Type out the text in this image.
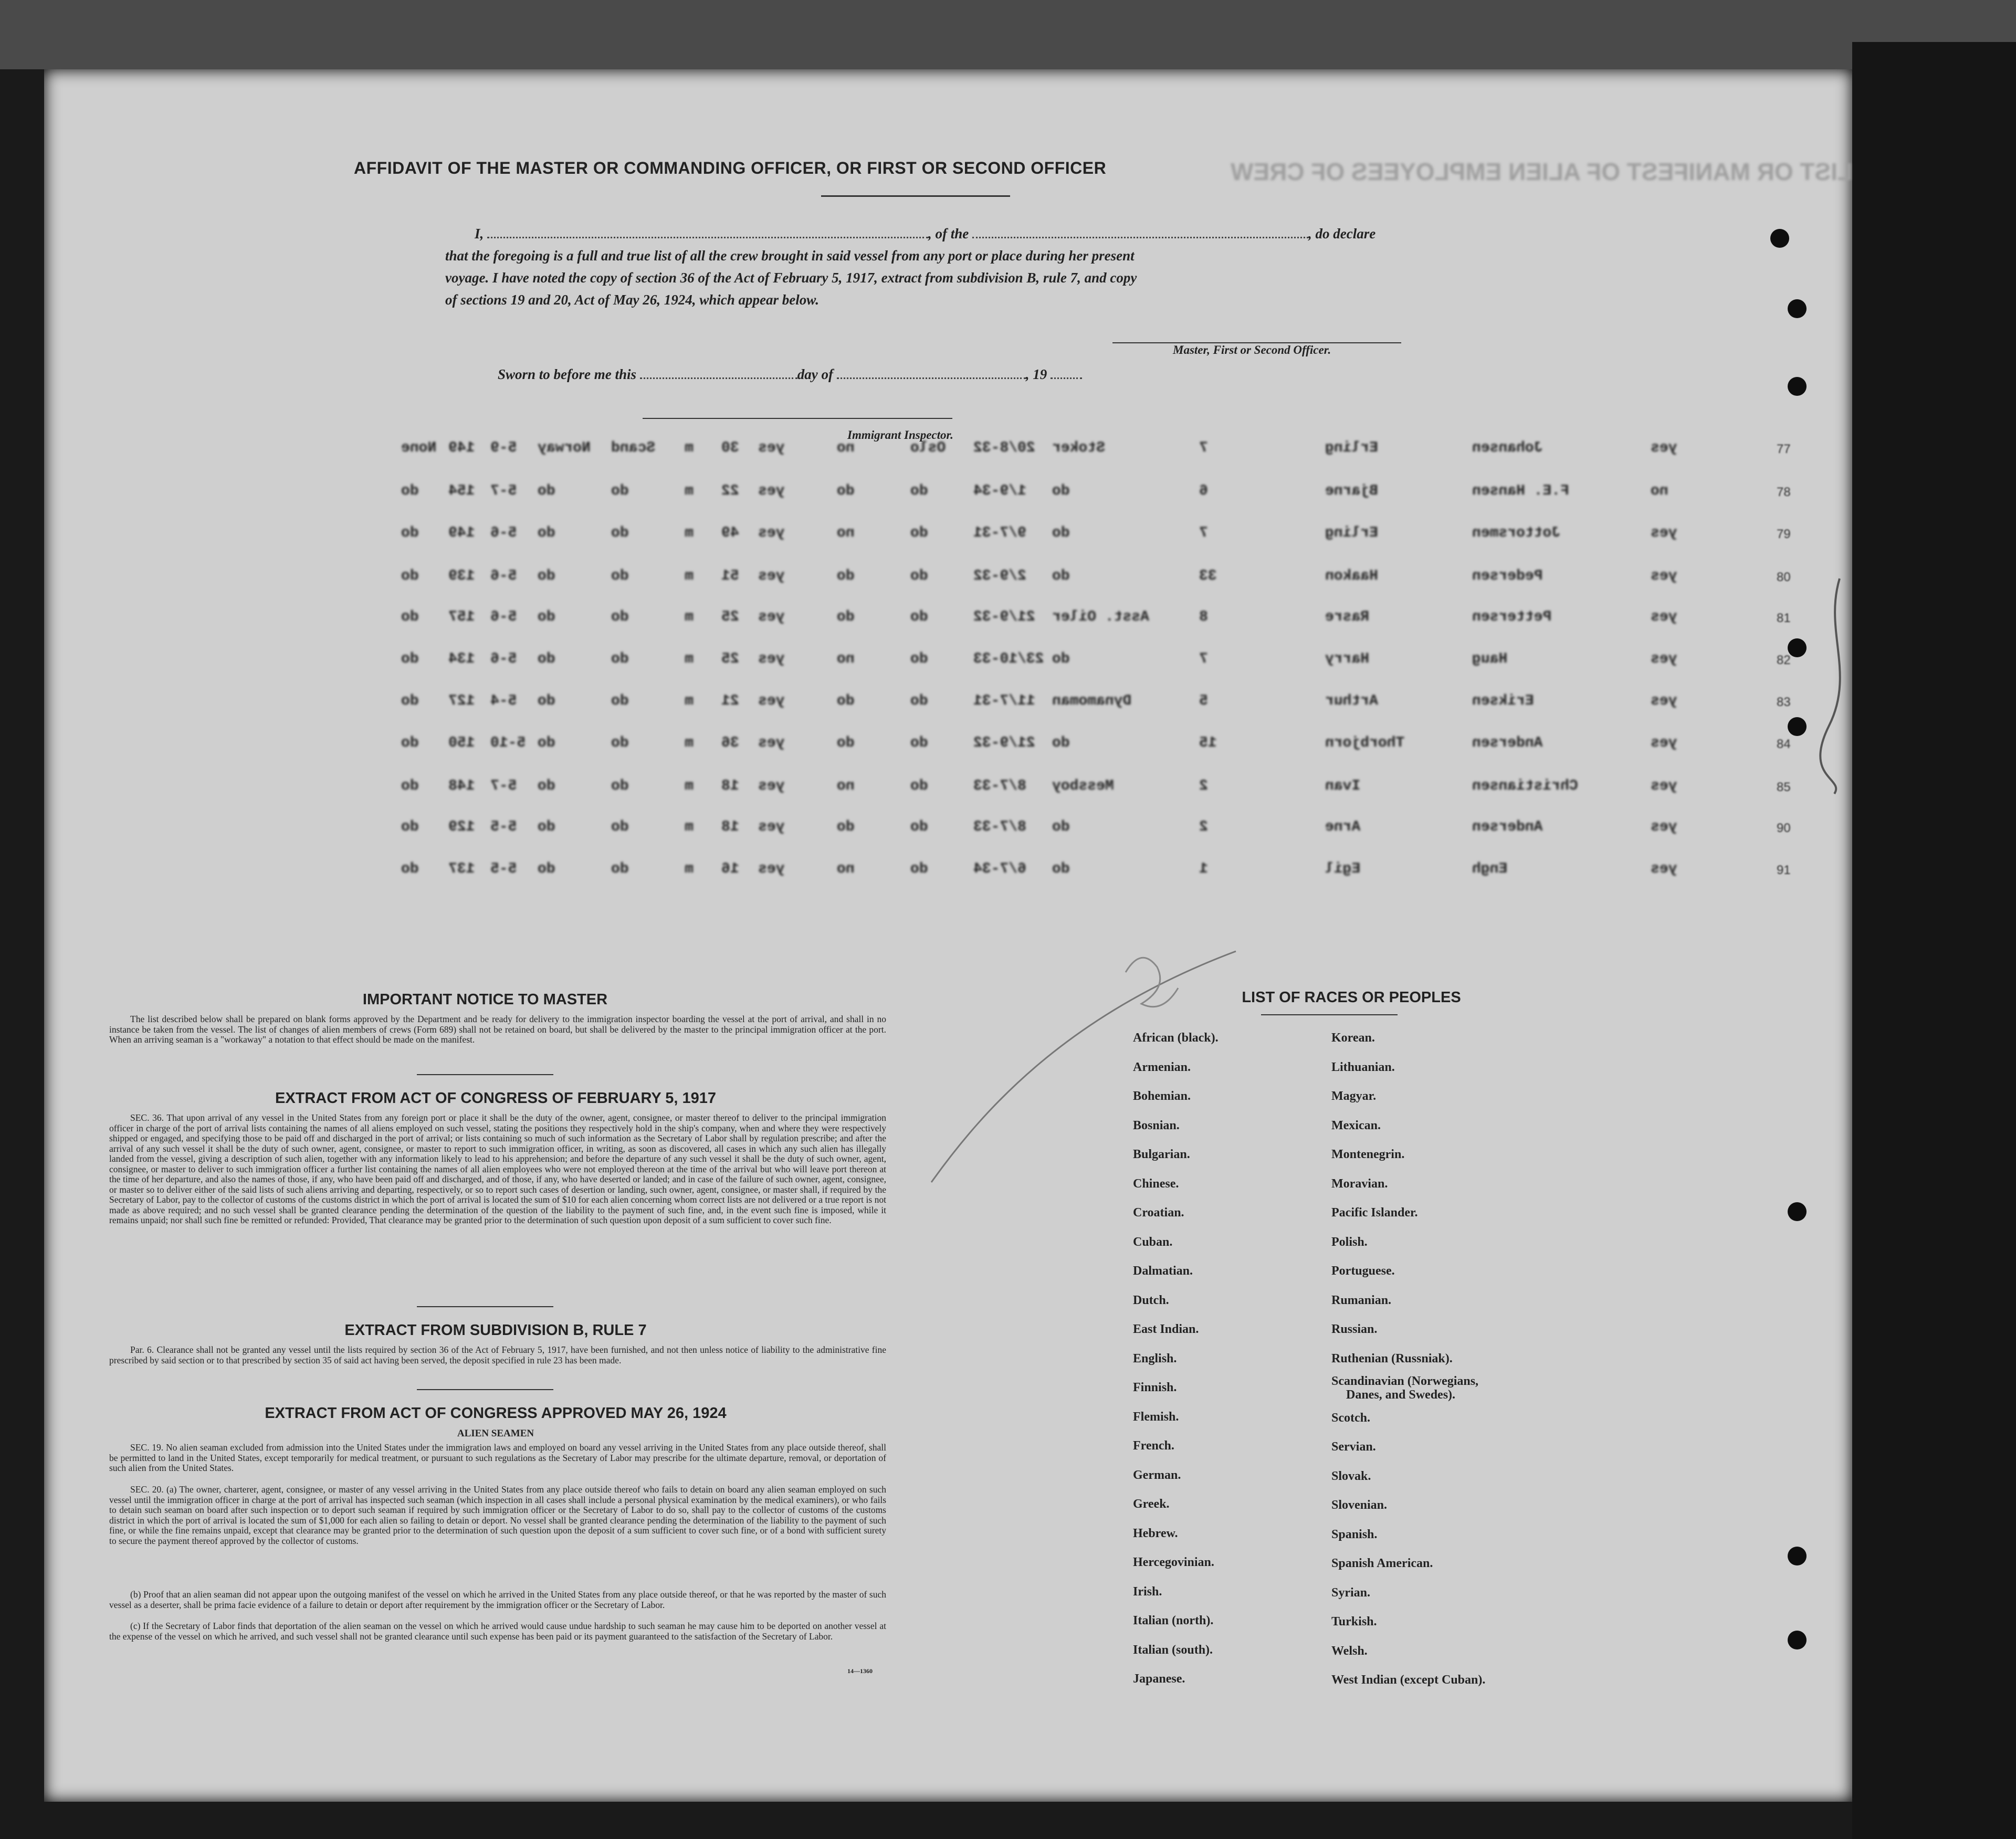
LIST OR MANIFEST OF ALIEN EMPLOYEES OF CREW
AFFIDAVIT OF THE MASTER OR COMMANDING OFFICER, OR FIRST OR SECOND OFFICER
I,	, of the	, do declare
that the foregoing is a full and true list of all the crew brought in said vessel from any port or place during her present
voyage. I have noted the copy of section 36 of the Act of February 5, 1917, extract from subdivision B, rule 7, and copy
of sections 19 and 20, Act of May 26, 1924, which appear below.
Master, First or Second Officer.
Sworn to before me this	day of	, 19
Immigrant Inspector.
None 149 5-9 Norway Scand m 30 yes	no	Oslo 20/8-32 Stoker	7	Erling	Johansen	yes	77
do 154 5-7 do	do	m 22 yes	do	do	1/9-34 do	6	Bjarne	F.E. Hansen	no	78
do 149 5-6 do	do	m 49 yes	no	do	9/7-31 do	7	Erling	Jottorsmen	yes	79
do 139 5-6 do	do	m 51 yes	do	do	2/9-32 do	33	Haakon	Pedersen	yes	80
do 157 5-6 do	do	m 25 yes	do	do	21/9-32 Asst. Oiler	8	Rasre	Pettersen	yes	81
do 134 5-6 do	do	m 25 yes	no	do	23/10-33 do	7	Harry	Haug	yes	82
do 127 5-4 do	do	m 21 yes	do	do	11/7-31 Dynamoman	5	Arthur	Eriksen	yes	83
do 150 5-10 do	do	m 36 yes	do	do	21/9-32 do	15	Thorbjorn	Andersen	yes	84
do 148 5-7 do	do	m 18 yes	no	do	8/7-33 Messboy	2	Ivan	Christiansen	yes	85
do 129 5-5 do	do	m 18 yes	do	do	8/7-33 do	2	Arne	Andersen	yes	90
do 137 5-5 do	do	m 16 yes	no	do	6/7-34 do	1	Egil	Engh	yes	91
IMPORTANT NOTICE TO MASTER
The list described below shall be prepared on blank forms approved by the Department and be ready for delivery to the immigration inspector boarding the vessel at the port of arrival, and shall in no instance be taken from the vessel. The list of changes of alien members of crews (Form 689) shall not be retained on board, but shall be delivered by the master to the principal immigration officer at the port. When an arriving seaman is a "workaway" a notation to that effect should be made on the manifest.
EXTRACT FROM ACT OF CONGRESS OF FEBRUARY 5, 1917
SEC. 36. That upon arrival of any vessel in the United States from any foreign port or place it shall be the duty of the owner, agent, consignee, or master thereof to deliver to the principal immigration officer in charge of the port of arrival lists containing the names of all aliens employed on such vessel, stating the positions they respectively hold in the ship's company, when and where they were respectively shipped or engaged, and specifying those to be paid off and discharged in the port of arrival; or lists containing so much of such information as the Secretary of Labor shall by regulation prescribe; and after the arrival of any such vessel it shall be the duty of such owner, agent, consignee, or master to report to such immigration officer, in writing, as soon as discovered, all cases in which any such alien has illegally landed from the vessel, giving a description of such alien, together with any information likely to lead to his apprehension; and before the departure of any such vessel it shall be the duty of such owner, agent, consignee, or master to deliver to such immigration officer a further list containing the names of all alien employees who were not employed thereon at the time of the arrival but who will leave port thereon at the time of her departure, and also the names of those, if any, who have been paid off and discharged, and of those, if any, who have deserted or landed; and in case of the failure of such owner, agent, consignee, or master so to deliver either of the said lists of such aliens arriving and departing, respectively, or so to report such cases of desertion or landing, such owner, agent, consignee, or master shall, if required by the Secretary of Labor, pay to the collector of customs of the customs district in which the port of arrival is located the sum of $10 for each alien concerning whom correct lists are not delivered or a true report is not made as above required; and no such vessel shall be granted clearance pending the determination of the question of the liability to the payment of such fine, and, in the event such fine is imposed, while it remains unpaid; nor shall such fine be remitted or refunded: Provided, That clearance may be granted prior to the determination of such question upon deposit of a sum sufficient to cover such fine.
EXTRACT FROM SUBDIVISION B, RULE 7
Par. 6. Clearance shall not be granted any vessel until the lists required by section 36 of the Act of February 5, 1917, have been furnished, and not then unless notice of liability to the administrative fine prescribed by said section or to that prescribed by section 35 of said act having been served, the deposit specified in rule 23 has been made.
EXTRACT FROM ACT OF CONGRESS APPROVED MAY 26, 1924
ALIEN SEAMEN
SEC. 19. No alien seaman excluded from admission into the United States under the immigration laws and employed on board any vessel arriving in the United States from any place outside thereof, shall be permitted to land in the United States, except temporarily for medical treatment, or pursuant to such regulations as the Secretary of Labor may prescribe for the ultimate departure, removal, or deportation of such alien from the United States.
SEC. 20. (a) The owner, charterer, agent, consignee, or master of any vessel arriving in the United States from any place outside thereof who fails to detain on board any alien seaman employed on such vessel until the immigration officer in charge at the port of arrival has inspected such seaman (which inspection in all cases shall include a personal physical examination by the medical examiners), or who fails to detain such seaman on board after such inspection or to deport such seaman if required by such immigration officer or the Secretary of Labor to do so, shall pay to the collector of customs of the customs district in which the port of arrival is located the sum of $1,000 for each alien so failing to detain or deport. No vessel shall be granted clearance pending the determination of the liability to the payment of such fine, or while the fine remains unpaid, except that clearance may be granted prior to the determination of such question upon the deposit of a sum sufficient to cover such fine, or of a bond with sufficient surety to secure the payment thereof approved by the collector of customs.
(b) Proof that an alien seaman did not appear upon the outgoing manifest of the vessel on which he arrived in the United States from any place outside thereof, or that he was reported by the master of such vessel as a deserter, shall be prima facie evidence of a failure to detain or deport after requirement by the immigration officer or the Secretary of Labor.
(c) If the Secretary of Labor finds that deportation of the alien seaman on the vessel on which he arrived would cause undue hardship to such seaman he may cause him to be deported on another vessel at the expense of the vessel on which he arrived, and such vessel shall not be granted clearance until such expense has been paid or its payment guaranteed to the satisfaction of the Secretary of Labor.
14—1360
LIST OF RACES OR PEOPLES
African (black).
Armenian.
Bohemian.
Bosnian.
Bulgarian.
Chinese.
Croatian.
Cuban.
Dalmatian.
Dutch.
East Indian.
English.
Finnish.
Flemish.
French.
German.
Greek.
Hebrew.
Hercegovinian.
Irish.
Italian (north).
Italian (south).
Japanese.
Korean.
Lithuanian.
Magyar.
Mexican.
Montenegrin.
Moravian.
Pacific Islander.
Polish.
Portuguese.
Rumanian.
Russian.
Ruthenian (Russniak).
Scandinavian (Norwegians,
Danes, and Swedes).
Scotch.
Servian.
Slovak.
Slovenian.
Spanish.
Spanish American.
Syrian.
Turkish.
Welsh.
West Indian (except Cuban).
